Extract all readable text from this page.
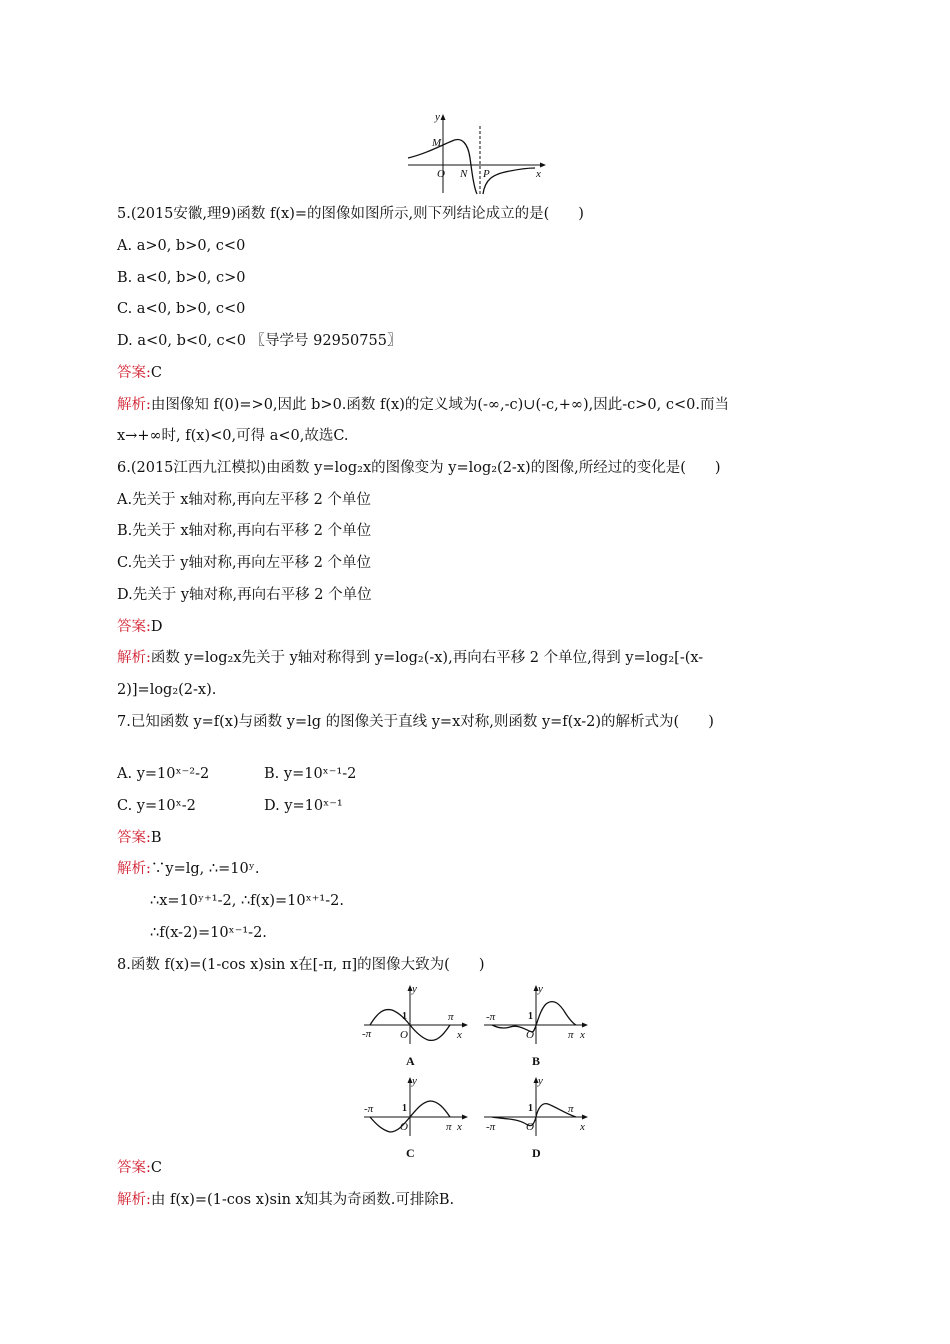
y
M
O N P	x
5.(2015安徽,理9)函数 f(x)=的图像如图所示,则下列结论成立的是(　　)
A. a>0, b>0, c<0
B. a<0, b>0, c>0
C. a<0, b>0, c<0
D. a<0, b<0, c<0 〖导学号 92950755〗
答案:C
解析:由图像知 f(0)=>0,因此 b>0.函数 f(x)的定义域为(-∞,-c)∪(-c,+∞),因此-c>0, c<0.而当
x→+∞时, f(x)<0,可得 a<0,故选C.
6.(2015江西九江模拟)由函数 y=log₂x的图像变为 y=log₂(2-x)的图像,所经过的变化是(　　)
A.先关于 x轴对称,再向左平移 2 个单位
B.先关于 x轴对称,再向右平移 2 个单位
C.先关于 y轴对称,再向左平移 2 个单位
D.先关于 y轴对称,再向右平移 2 个单位
答案:D
解析:函数 y=log₂x先关于 y轴对称得到 y=log₂(-x),再向右平移 2 个单位,得到 y=log₂[-(x-
2)]=log₂(2-x).
7.已知函数 y=f(x)与函数 y=lg 的图像关于直线 y=x对称,则函数 y=f(x-2)的解析式为(　　)
A. y=10ˣ⁻²-2	B. y=10ˣ⁻¹-2
C. y=10ˣ-2	D. y=10ˣ⁻¹
答案:B
解析:∵y=lg, ∴=10ʸ.
∴x=10ʸ⁺¹-2, ∴f(x)=10ˣ⁺¹-2.
∴f(x-2)=10ˣ⁻¹-2.
8.函数 f(x)=(1-cos x)sin x在[-π, π]的图像大致为(　　)
y
1
-π
π
O	x
A
y
1
-π
π
O	x
B
y
1
-π
π
O	x
C
y
1
-π
π
O	x
D
答案:C
解析:由 f(x)=(1-cos x)sin x知其为奇函数.可排除B.
